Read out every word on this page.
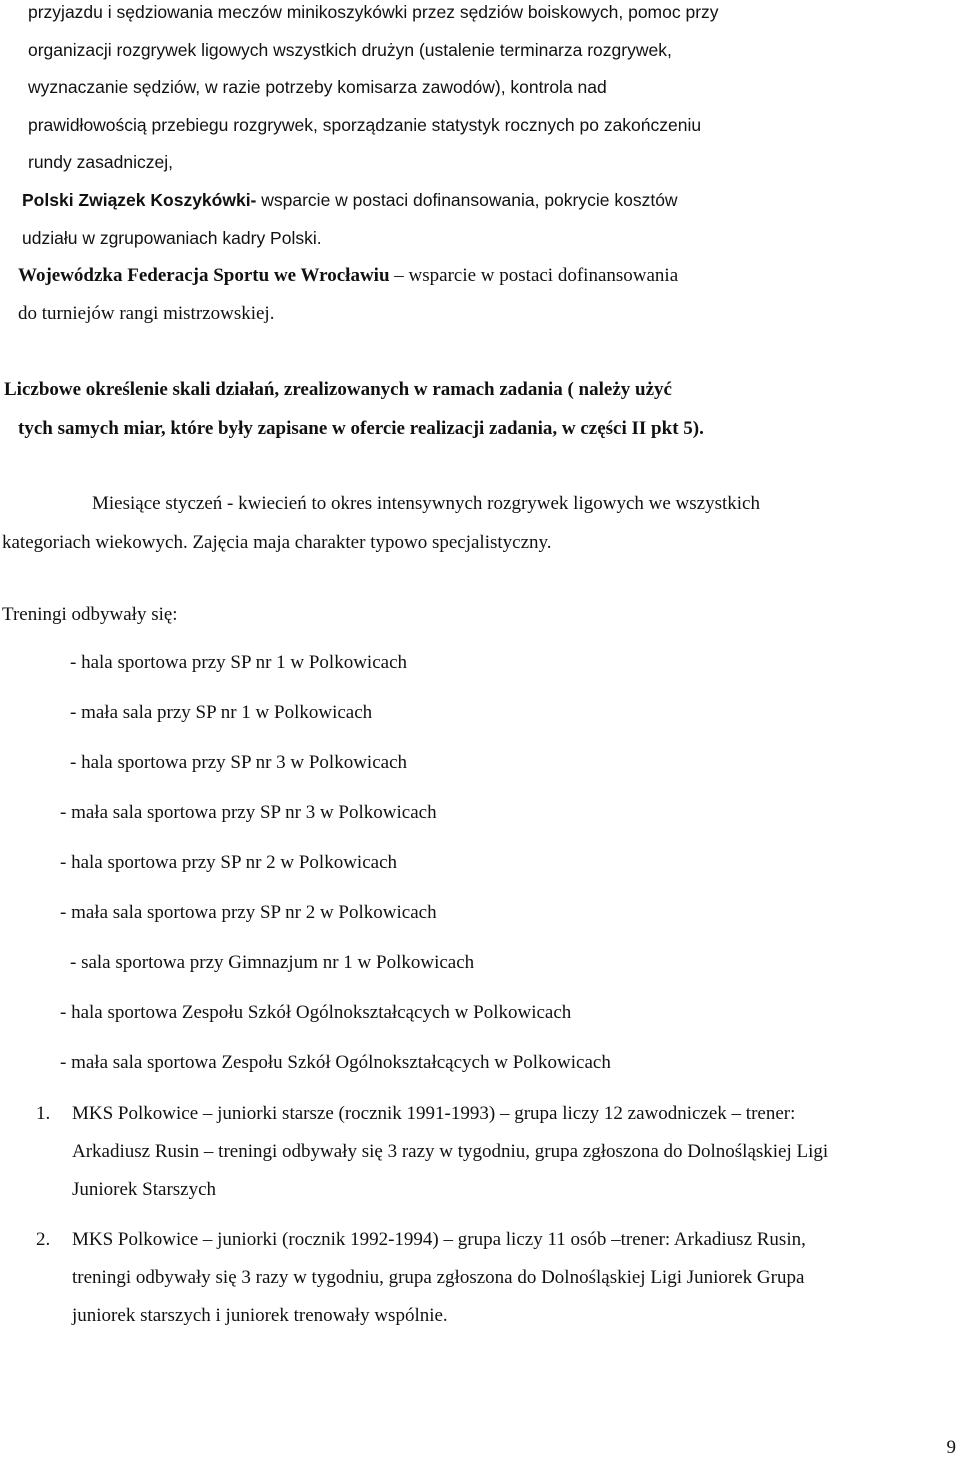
przyjazdu i sędziowania meczów minikoszykówki przez sędziów boiskowych, pomoc przy
organizacji rozgrywek ligowych wszystkich drużyn (ustalenie terminarza rozgrywek,
wyznaczanie sędziów, w razie potrzeby komisarza zawodów), kontrola nad
prawidłowością przebiegu rozgrywek, sporządzanie statystyk rocznych po zakończeniu
rundy zasadniczej,
Polski Związek Koszykówki- wsparcie w postaci dofinansowania, pokrycie kosztów
udziału w zgrupowaniach kadry Polski.
Wojewódzka Federacja Sportu we Wrocławiu – wsparcie w postaci dofinansowania
do turniejów rangi mistrzowskiej.
Liczbowe określenie skali działań, zrealizowanych w ramach zadania ( należy użyć
tych samych miar, które były zapisane w ofercie realizacji zadania, w części II pkt 5).
Miesiące styczeń - kwiecień to okres intensywnych rozgrywek ligowych we wszystkich
kategoriach wiekowych. Zajęcia maja charakter typowo specjalistyczny.
Treningi odbywały się:
- hala sportowa przy SP nr 1 w Polkowicach
- mała sala przy SP nr 1 w Polkowicach
- hala sportowa przy SP nr 3 w Polkowicach
- mała sala sportowa przy SP nr 3 w Polkowicach
- hala sportowa przy SP nr 2 w Polkowicach
- mała sala sportowa przy SP nr 2 w Polkowicach
- sala sportowa przy Gimnazjum nr 1 w Polkowicach
- hala sportowa Zespołu Szkół Ogólnokształcących w Polkowicach
- mała sala sportowa Zespołu Szkół Ogólnokształcących w Polkowicach
1. MKS Polkowice – juniorki starsze (rocznik 1991-1993) – grupa liczy 12 zawodniczek – trener:
Arkadiusz Rusin – treningi odbywały się 3 razy w tygodniu, grupa zgłoszona do Dolnośląskiej Ligi
Juniorek Starszych
2. MKS Polkowice – juniorki (rocznik 1992-1994) – grupa liczy 11 osób –trener: Arkadiusz Rusin,
treningi odbywały się 3 razy w tygodniu, grupa zgłoszona do Dolnośląskiej Ligi Juniorek Grupa
juniorek starszych i juniorek trenowały wspólnie.
9
